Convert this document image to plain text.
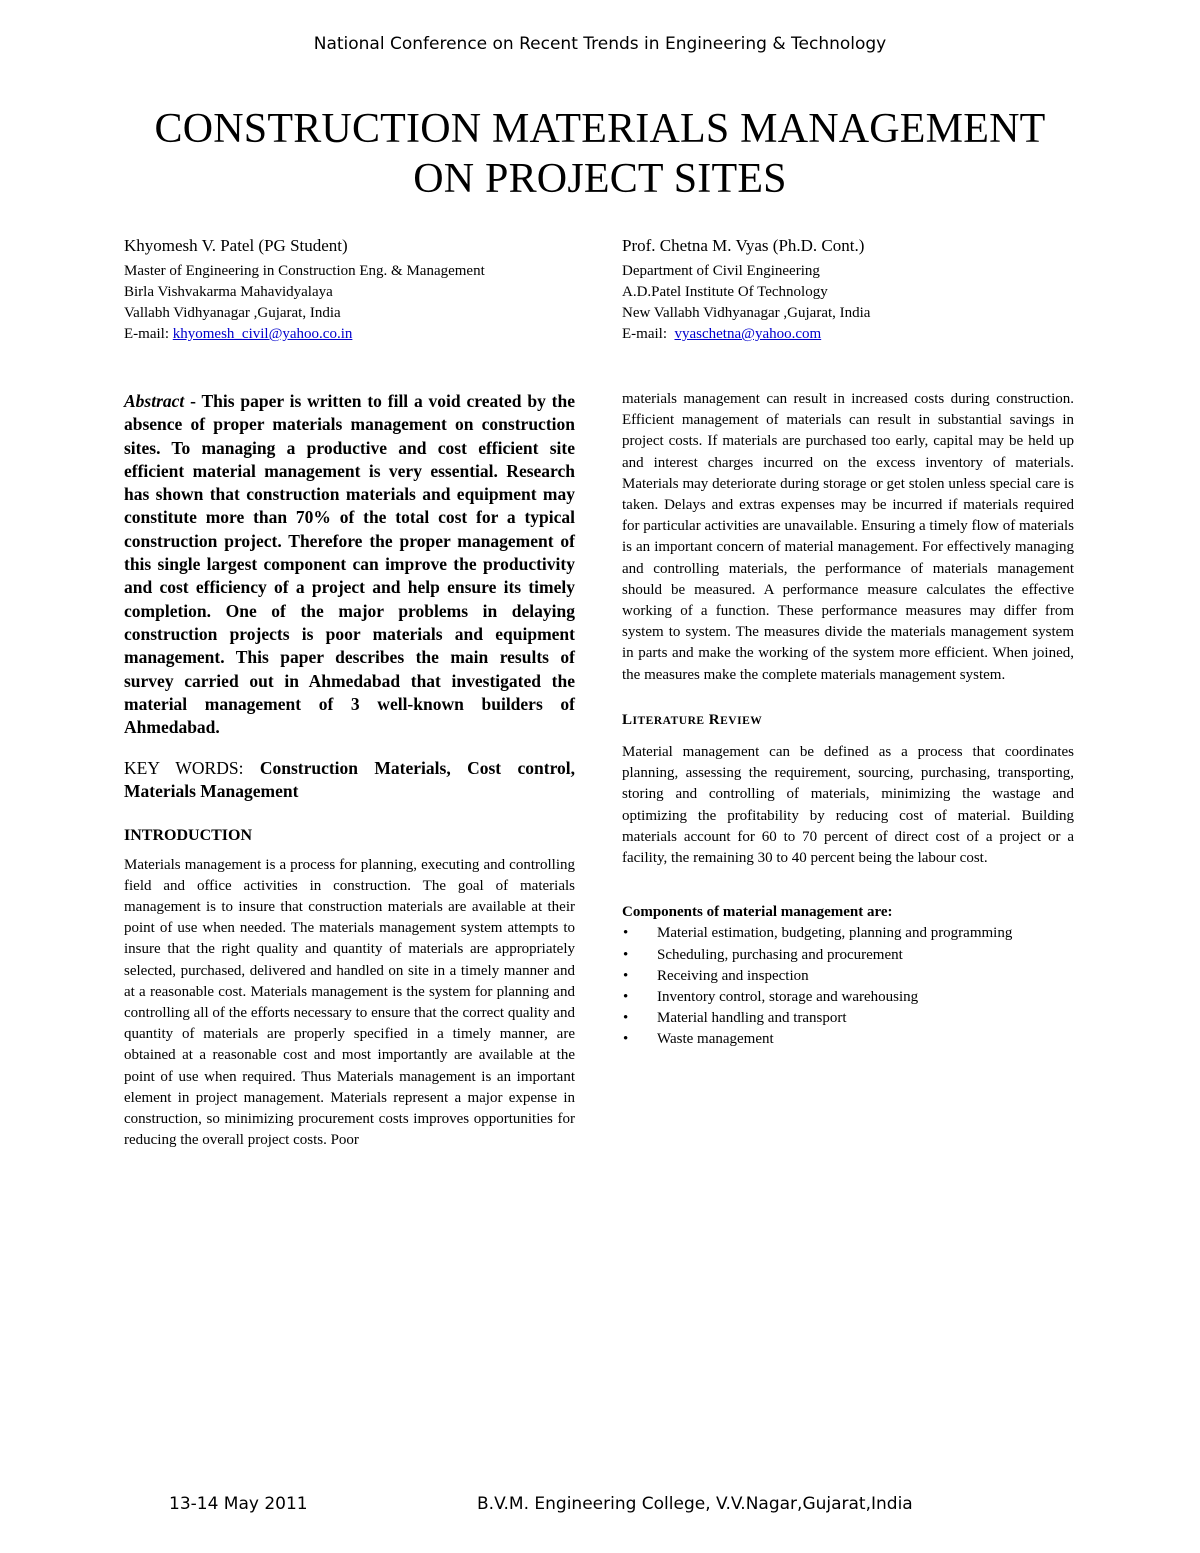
National Conference on Recent Trends in Engineering & Technology
CONSTRUCTION MATERIALS MANAGEMENT
ON PROJECT SITES
Khyomesh V. Patel (PG Student)
Master of Engineering in Construction Eng. & Management
Birla Vishvakarma Mahavidyalaya
Vallabh Vidhyanagar ,Gujarat, India
E-mail: khyomesh_civil@yahoo.co.in
Prof. Chetna M. Vyas (Ph.D. Cont.)
Department of Civil Engineering
A.D.Patel Institute Of Technology
New Vallabh Vidhyanagar ,Gujarat, India
E-mail:  vyaschetna@yahoo.com

Abstract - This paper is written to fill a void created by the absence of proper materials management on construction sites. To managing a productive and cost efficient site efficient material management is very essential. Research has shown that construction materials and equipment may constitute more than 70% of the total cost for a typical construction project. Therefore the proper management of this single largest component can improve the productivity and cost efficiency of a project and help ensure its timely completion. One of the major problems in delaying construction projects is poor materials and equipment management. This paper describes the main results of survey carried out in Ahmedabad that investigated the material management of 3 well-known builders of Ahmedabad.

KEY WORDS: Construction Materials, Cost control, Materials Management

INTRODUCTION

Materials management is a process for planning, executing and controlling field and office activities in construction. The goal of materials management is to insure that construction materials are available at their point of use when needed. The materials management system attempts to insure that the right quality and quantity of materials are appropriately selected, purchased, delivered and handled on site in a timely manner and at a reasonable cost. Materials management is the system for planning and controlling all of the efforts necessary to ensure that the correct quality and quantity of materials are properly specified in a timely manner, are obtained at a reasonable cost and most importantly are available at the point of use when required. Thus Materials management is an important element in project management. Materials represent a major expense in construction, so minimizing procurement costs improves opportunities for reducing the overall project costs. Poor

materials management can result in increased costs during construction. Efficient management of materials can result in substantial savings in project costs. If materials are purchased too early, capital may be held up and interest charges incurred on the excess inventory of materials. Materials may deteriorate during storage or get stolen unless special care is taken. Delays and extras expenses may be incurred if materials required for particular activities are unavailable. Ensuring a timely flow of materials is an important concern of material management. For effectively managing and controlling materials, the performance of materials management should be measured. A performance measure calculates the effective working of a function. These performance measures may differ from system to system. The measures divide the materials management system in parts and make the working of the system more efficient. When joined, the measures make the complete materials management system.

LITERATURE REVIEW

Material management can be defined as a process that coordinates planning, assessing the requirement, sourcing, purchasing, transporting, storing and controlling of materials, minimizing the wastage and optimizing the profitability by reducing cost of material. Building materials account for 60 to 70 percent of direct cost of a project or a facility, the remaining 30 to 40 percent being the labour cost.

Components of material management are:
• Material estimation, budgeting, planning and programming
• Scheduling, purchasing and procurement
• Receiving and inspection
• Inventory control, storage and warehousing
• Material handling and transport
• Waste management
13-14 May 2011	B.V.M. Engineering College, V.V.Nagar,Gujarat,India
